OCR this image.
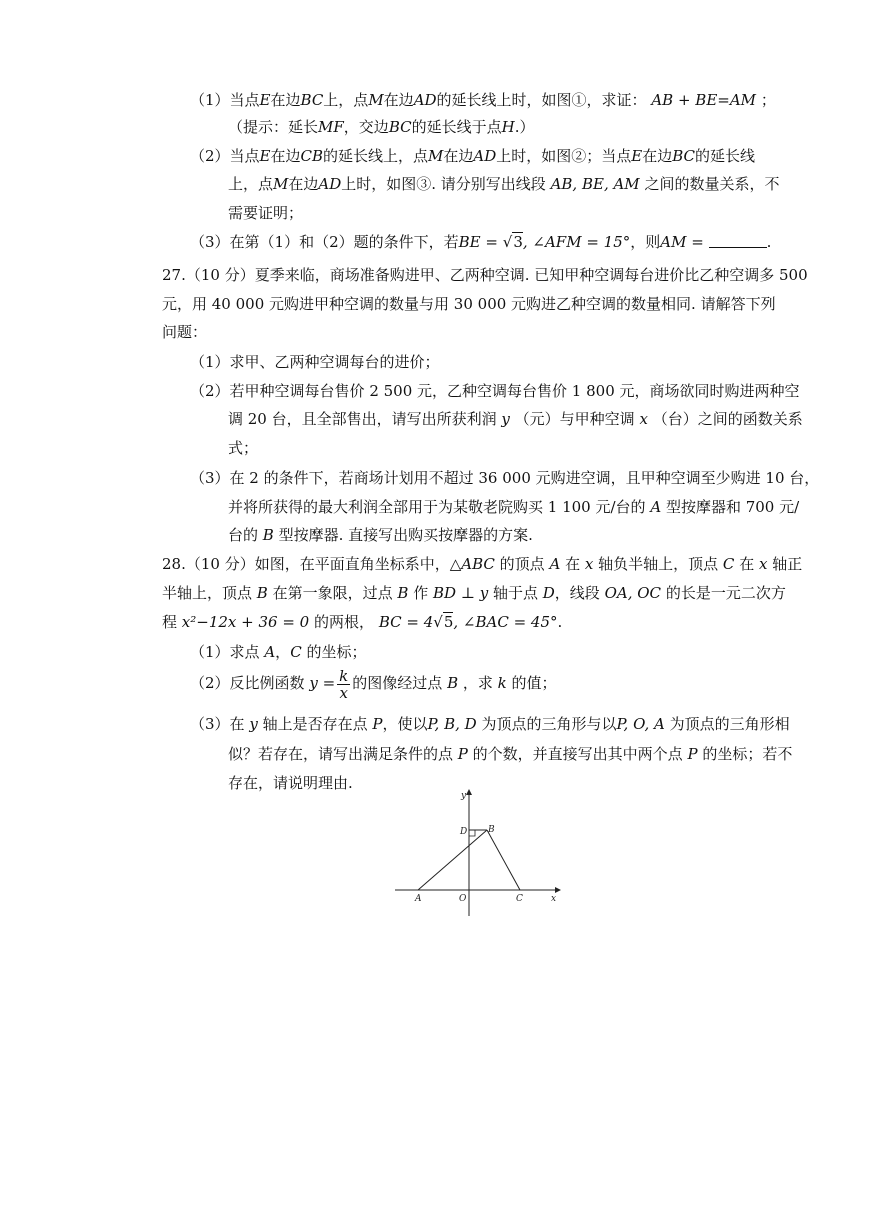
（1）当点E在边BC上，点M在边AD的延长线上时，如图①，求证： AB + BE=AM ；
（提示：延长MF，交边BC的延长线于点H.）
（2）当点E在边CB的延长线上，点M在边AD上时，如图②；当点E在边BC的延长线
上，点M在边AD上时，如图③. 请分别写出线段 AB, BE, AM 之间的数量关系，不
需要证明；
（3）在第（1）和（2）题的条件下，若BE = √3, ∠AFM = 15°，则AM =	.
27.（10 分）夏季来临，商场准备购进甲、乙两种空调. 已知甲种空调每台进价比乙种空调多 500
元，用 40 000 元购进甲种空调的数量与用 30 000 元购进乙种空调的数量相同. 请解答下列
问题：
（1）求甲、乙两种空调每台的进价；
（2）若甲种空调每台售价 2 500 元，乙种空调每台售价 1 800 元，商场欲同时购进两种空
调 20 台，且全部售出，请写出所获利润 y （元）与甲种空调 x （台）之间的函数关系
式；
（3）在 2 的条件下，若商场计划用不超过 36 000 元购进空调，且甲种空调至少购进 10 台，
并将所获得的最大利润全部用于为某敬老院购买 1 100 元/台的 A 型按摩器和 700 元/
台的 B 型按摩器. 直接写出购买按摩器的方案.
28.（10 分）如图，在平面直角坐标系中，△ABC 的顶点 A 在 x 轴负半轴上，顶点 C 在 x 轴正
半轴上，顶点 B 在第一象限，过点 B 作 BD ⊥ y 轴于点 D，线段 OA, OC 的长是一元二次方
程 x²−12x + 36 = 0 的两根， BC = 4√5, ∠BAC = 45°.
（1）求点 A，C 的坐标；
（2）反比例函数 $y = \frac{k}{x}$ 的图像经过点 B ，求 k 的值；
（3）在 y 轴上是否存在点 P，使以P, B, D 为顶点的三角形与以P, O, A 为顶点的三角形相
似？若存在，请写出满足条件的点 P 的个数，并直接写出其中两个点 P 的坐标；若不
存在，请说明理由.
y
x
D B
A	O	C
